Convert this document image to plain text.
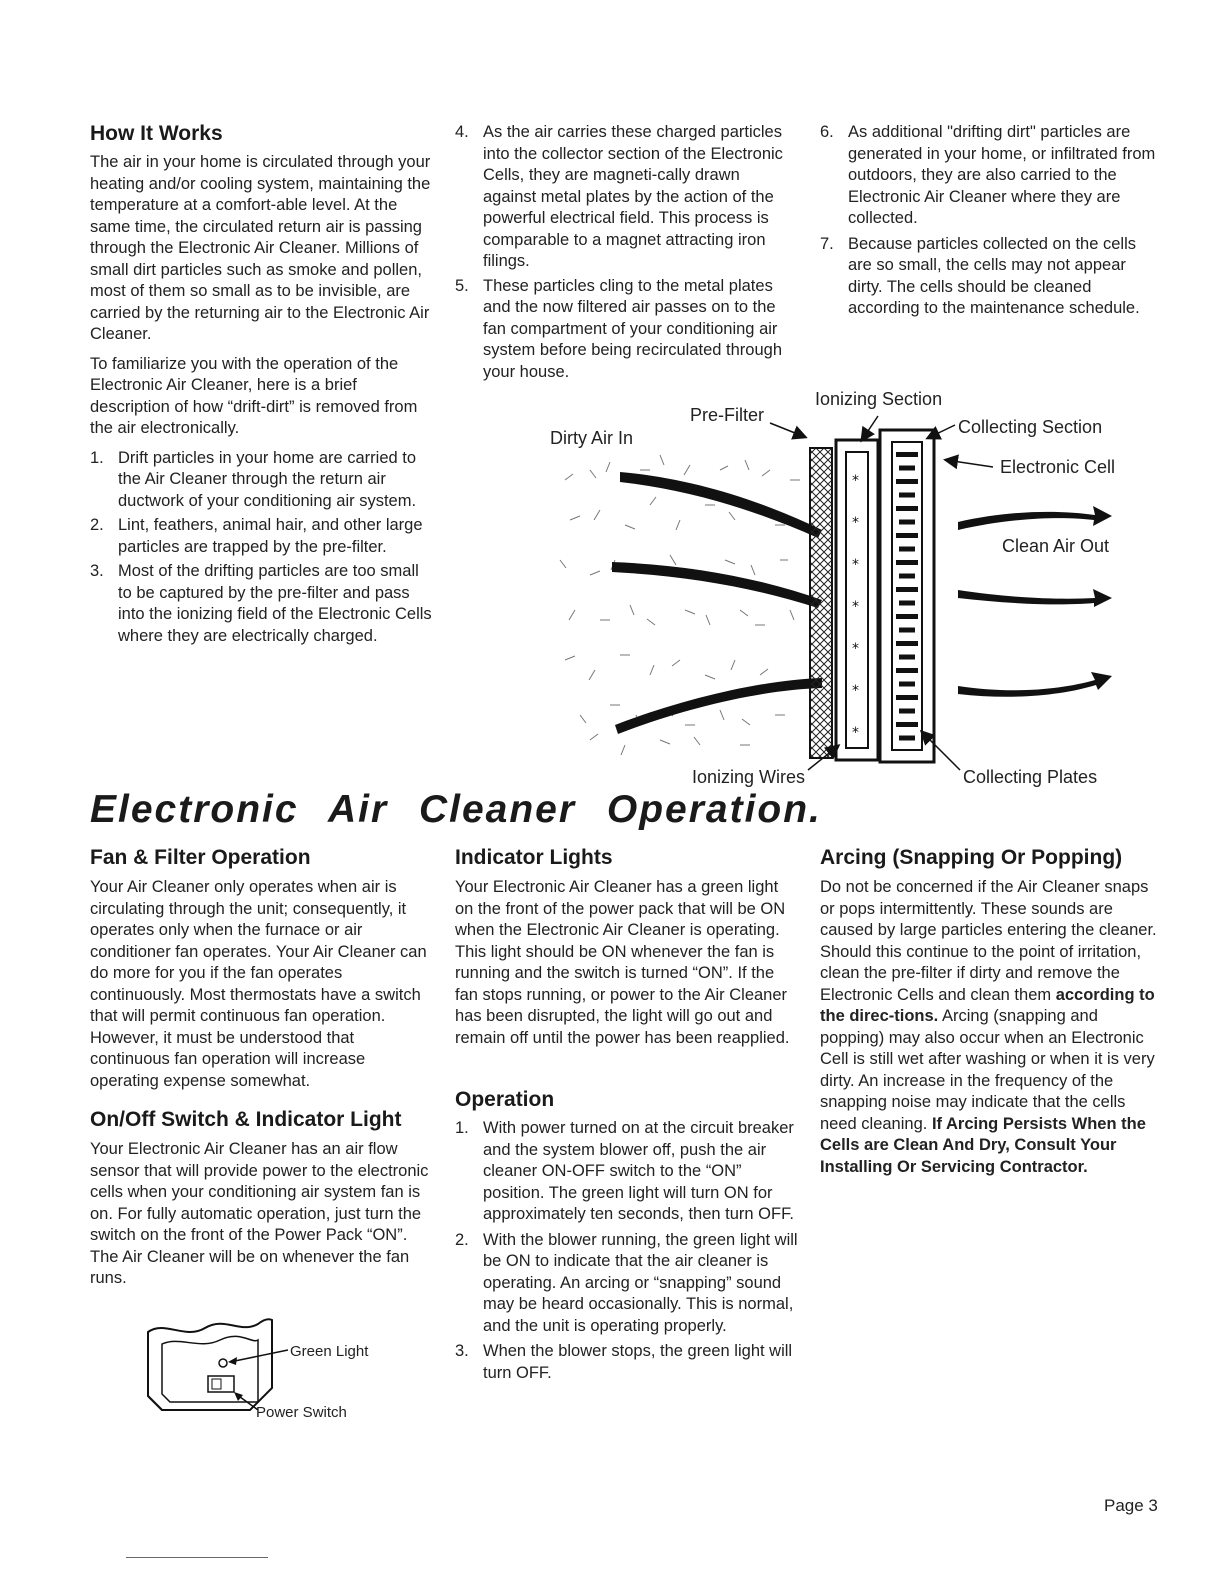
How It Works

The air in your home is circulated through your heating and/or cooling system, maintaining the temperature at a comfort-able level. At the same time, the circulated return air is passing through the Electronic Air Cleaner. Millions of small dirt particles such as smoke and pollen, most of them so small as to be invisible, are carried by the returning air to the Electronic Air Cleaner.

To familiarize you with the operation of the Electronic Air Cleaner, here is a brief description of how “drift-dirt” is removed from the air electronically.

1. Drift particles in your home are carried to the Air Cleaner through the return air ductwork of your conditioning air system.
2. Lint, feathers, animal hair, and other large particles are trapped by the pre-filter.
3. Most of the drifting particles are too small to be captured by the pre-filter and pass into the ionizing field of the Electronic Cells where they are electrically charged.
4. As the air carries these charged particles into the collector section of the Electronic Cells, they are magneti-cally drawn against metal plates by the action of the powerful electrical field. This process is comparable to a magnet attracting iron filings.
5. These particles cling to the metal plates and the now filtered air passes on to the fan compartment of your conditioning air system before being recirculated through your house.
6. As additional "drifting dirt" particles are generated in your home, or infiltrated from outdoors, they are also carried to the Electronic Air Cleaner where they are collected.
7. Because particles collected on the cells are so small, the cells may not appear dirty. The cells should be cleaned according to the maintenance schedule.
*
*
*
*
*
*
*
Dirty Air In
Pre-Filter
Ionizing Section
Collecting Section
Electronic Cell
Clean Air Out
Ionizing Wires	Collecting Plates
Electronic Air Cleaner Operation.
Fan & Filter Operation

Your Air Cleaner only operates when air is circulating through the unit; consequently, it operates only when the furnace or air conditioner fan operates. Your Air Cleaner can do more for you if the fan operates continuously. Most thermostats have a switch that will permit continuous fan operation. However, it must be understood that continuous fan operation will increase operating expense somewhat.

On/Off Switch & Indicator Light

Your Electronic Air Cleaner has an air flow sensor that will provide power to the electronic cells when your conditioning air system fan is on. For fully automatic operation, just turn the switch on the front of the Power Pack “ON”. The Air Cleaner will be on whenever the fan runs.

Green Light
Power Switch
Indicator Lights

Your Electronic Air Cleaner has a green light on the front of the power pack that will be ON when the Electronic Air Cleaner is operating. This light should be ON whenever the fan is running and the switch is turned “ON”. If the fan stops running, or power to the Air Cleaner has been disrupted, the light will go out and remain off until the power has been reapplied.

Operation
1. With power turned on at the circuit breaker and the system blower off, push the air cleaner ON-OFF switch to the “ON” position. The green light will turn ON for approximately ten seconds, then turn OFF.
2. With the blower running, the green light will be ON to indicate that the air cleaner is operating. An arcing or “snapping” sound may be heard occasionally. This is normal, and the unit is operating properly.
3. When the blower stops, the green light will turn OFF.
Arcing (Snapping Or Popping)

Do not be concerned if the Air Cleaner snaps or pops intermittently. These sounds are caused by large particles entering the cleaner. Should this continue to the point of irritation, clean the pre-filter if dirty and remove the Electronic Cells and clean them according to the direc-tions. Arcing (snapping and popping) may also occur when an Electronic Cell is still wet after washing or when it is very dirty. An increase in the frequency of the snapping noise may indicate that the cells need cleaning. If Arcing Persists When the Cells are Clean And Dry, Consult Your Installing Or Servicing Contractor.

Page 3
